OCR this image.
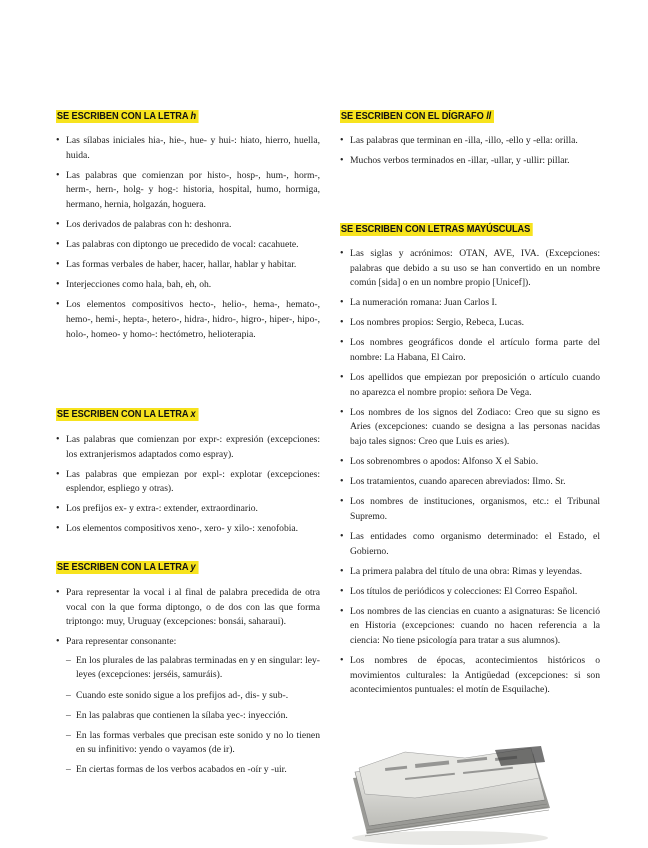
SE ESCRIBEN CON LA LETRA h
• Las sílabas iniciales hia-, hie-, hue- y hui-: hiato, hierro, huella, huida.
• Las palabras que comienzan por histo-, hosp-, hum-, horm-, herm-, hern-, holg- y hog-: historia, hospital, humo, hormiga, hermano, hernia, holgazán, hoguera.
• Los derivados de palabras con h: deshonra.
• Las palabras con diptongo ue precedido de vocal: cacahuete.
• Las formas verbales de haber, hacer, hallar, hablar y habitar.
• Interjecciones como hala, bah, eh, oh.
• Los elementos compositivos hecto-, helio-, hema-, hemato-, hemo-, hemi-, hepta-, hetero-, hidra-, hidro-, higro-, hiper-, hipo-, holo-, homeo- y homo-: hectómetro, helioterapia.
SE ESCRIBEN CON LA LETRA x
• Las palabras que comienzan por expr-: expresión (excepciones: los extranjerismos adaptados como espray).
• Las palabras que empiezan por expl-: explotar (excepciones: esplendor, espliego y otras).
• Los prefijos ex- y extra-: extender, extraordinario.
• Los elementos compositivos xeno-, xero- y xilo-: xenofobia.
SE ESCRIBEN CON LA LETRA y
• Para representar la vocal i al final de palabra precedida de otra vocal con la que forma diptongo, o de dos con las que forma triptongo: muy, Uruguay (excepciones: bonsái, saharaui).
• Para representar consonante:
– En los plurales de las palabras terminadas en y en singular: ley-leyes (excepciones: jerséis, samuráis).
– Cuando este sonido sigue a los prefijos ad-, dis- y sub-.
– En las palabras que contienen la sílaba yec-: inyección.
– En las formas verbales que precisan este sonido y no lo tienen en su infinitivo: yendo o vayamos (de ir).
– En ciertas formas de los verbos acabados en -oír y -uir.
SE ESCRIBEN CON EL DÍGRAFO ll
• Las palabras que terminan en -illa, -illo, -ello y -ella: orilla.
• Muchos verbos terminados en -illar, -ullar, y -ullir: pillar.
SE ESCRIBEN CON LETRAS MAYÚSCULAS
• Las siglas y acrónimos: OTAN, AVE, IVA. (Excepciones: palabras que debido a su uso se han convertido en un nombre común [sida] o en un nombre propio [Unicef]).
• La numeración romana: Juan Carlos I.
• Los nombres propios: Sergio, Rebeca, Lucas.
• Los nombres geográficos donde el artículo forma parte del nombre: La Habana, El Cairo.
• Los apellidos que empiezan por preposición o artículo cuando no aparezca el nombre propio: señora De Vega.
• Los nombres de los signos del Zodiaco: Creo que su signo es Aries (excepciones: cuando se designa a las personas nacidas bajo tales signos: Creo que Luis es aries).
• Los sobrenombres o apodos: Alfonso X el Sabio.
• Los tratamientos, cuando aparecen abreviados: Ilmo. Sr.
• Los nombres de instituciones, organismos, etc.: el Tribunal Supremo.
• Las entidades como organismo determinado: el Estado, el Gobierno.
• La primera palabra del título de una obra: Rimas y leyendas.
• Los títulos de periódicos y colecciones: El Correo Español.
• Los nombres de las ciencias en cuanto a asignaturas: Se licenció en Historia (excepciones: cuando no hacen referencia a la ciencia: No tiene psicología para tratar a sus alumnos).
• Los nombres de épocas, acontecimientos históricos o movimientos culturales: la Antigüedad (excepciones: si son acontecimientos puntuales: el motín de Esquilache).
